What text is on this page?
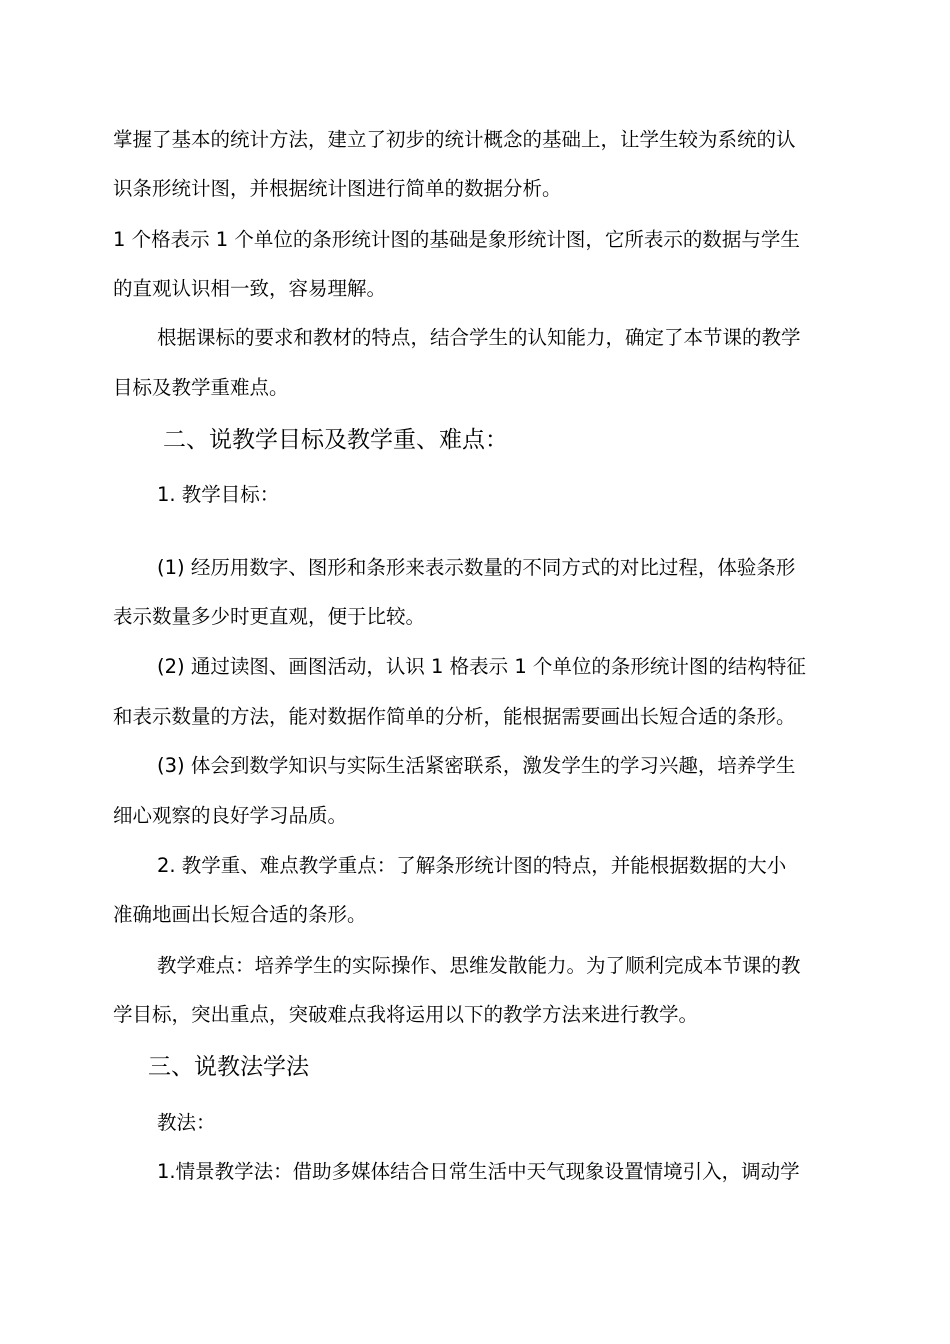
掌握了基本的统计方法，建立了初步的统计概念的基础上，让学生较为系统的认
识条形统计图，并根据统计图进行简单的数据分析。
1 个格表示 1 个单位的条形统计图的基础是象形统计图，它所表示的数据与学生
的直观认识相一致，容易理解。
根据课标的要求和教材的特点，结合学生的认知能力，确定了本节课的教学
目标及教学重难点。
二、说教学目标及教学重、难点：
1. 教学目标：
(1) 经历用数字、图形和条形来表示数量的不同方式的对比过程，体验条形
表示数量多少时更直观，便于比较。
(2) 通过读图、画图活动，认识 1 格表示 1 个单位的条形统计图的结构特征
和表示数量的方法，能对数据作简单的分析，能根据需要画出长短合适的条形。
(3) 体会到数学知识与实际生活紧密联系，激发学生的学习兴趣，培养学生
细心观察的良好学习品质。
2. 教学重、难点教学重点：了解条形统计图的特点，并能根据数据的大小
准确地画出长短合适的条形。
教学难点：培养学生的实际操作、思维发散能力。为了顺利完成本节课的教
学目标，突出重点，突破难点我将运用以下的教学方法来进行教学。
三、说教法学法
教法：
1.情景教学法：借助多媒体结合日常生活中天气现象设置情境引入，调动学
